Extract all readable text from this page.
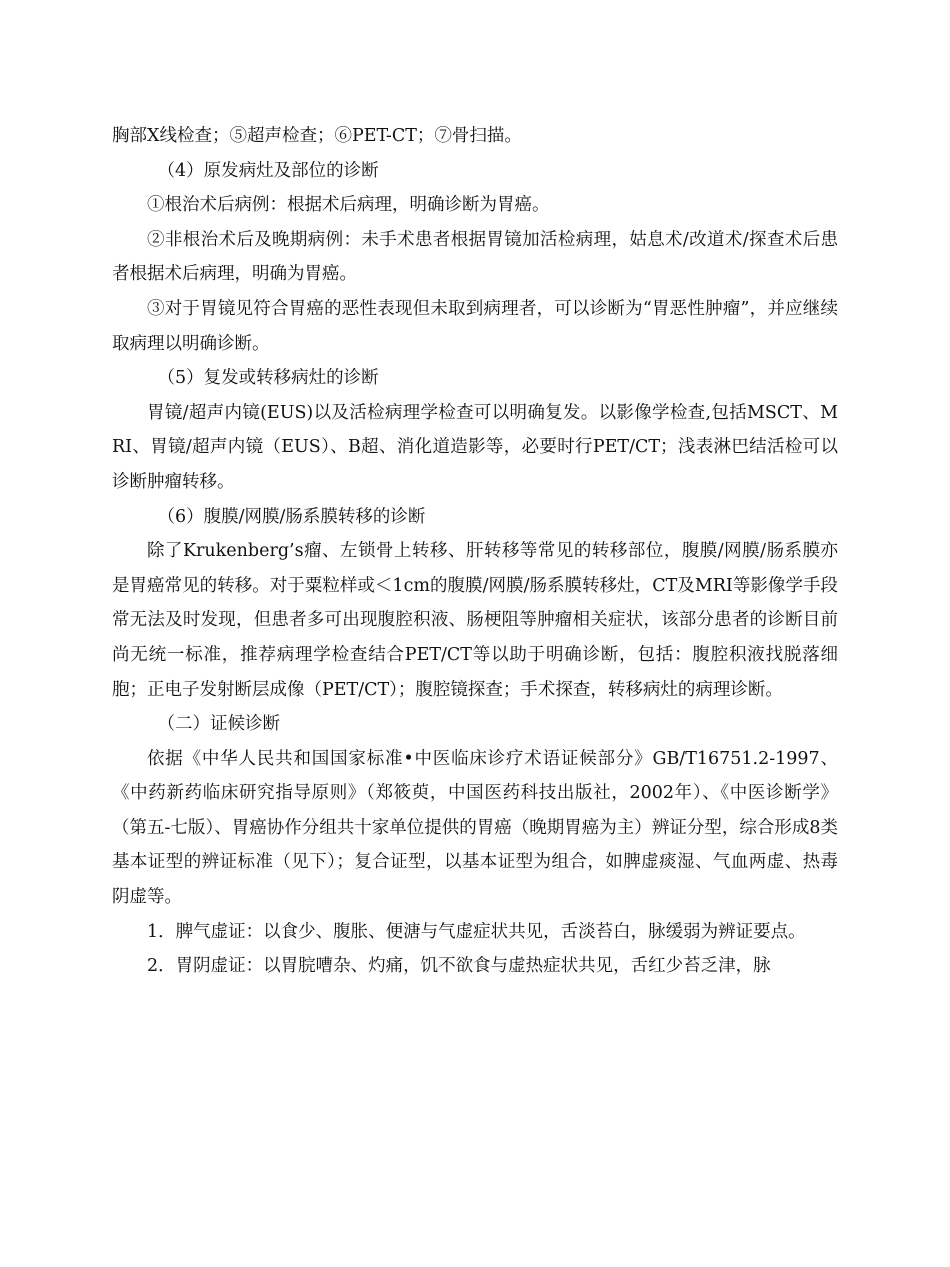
胸部X线检查；⑤超声检查；⑥PET-CT；⑦骨扫描。

（4）原发病灶及部位的诊断

①根治术后病例：根据术后病理，明确诊断为胃癌。

②非根治术后及晚期病例：未手术患者根据胃镜加活检病理，姑息术/改道术/探查术后患者根据术后病理，明确为胃癌。

③对于胃镜见符合胃癌的恶性表现但未取到病理者，可以诊断为“胃恶性肿瘤”，并应继续取病理以明确诊断。

（5）复发或转移病灶的诊断

胃镜/超声内镜(EUS)以及活检病理学检查可以明确复发。以影像学检查,包括MSCT、MRI、胃镜/超声内镜（EUS）、B超、消化道造影等，必要时行PET/CT；浅表淋巴结活检可以诊断肿瘤转移。

（6）腹膜/网膜/肠系膜转移的诊断

除了Krukenberg’s瘤、左锁骨上转移、肝转移等常见的转移部位，腹膜/网膜/肠系膜亦是胃癌常见的转移。对于粟粒样或＜1cm的腹膜/网膜/肠系膜转移灶，CT及MRI等影像学手段常无法及时发现，但患者多可出现腹腔积液、肠梗阻等肿瘤相关症状，该部分患者的诊断目前尚无统一标准，推荐病理学检查结合PET/CT等以助于明确诊断，包括：腹腔积液找脱落细胞；正电子发射断层成像（PET/CT）；腹腔镜探查；手术探查，转移病灶的病理诊断。

（二）证候诊断

依据《中华人民共和国国家标准•中医临床诊疗术语证候部分》GB/T16751.2-1997、《中药新药临床研究指导原则》（郑筱萸，中国医药科技出版社，2002年）、《中医诊断学》（第五-七版）、胃癌协作分组共十家单位提供的胃癌（晚期胃癌为主）辨证分型，综合形成8类基本证型的辨证标准（见下）；复合证型，以基本证型为组合，如脾虚痰湿、气血两虚、热毒阴虚等。

1．脾气虚证：以食少、腹胀、便溏与气虚症状共见，舌淡苔白，脉缓弱为辨证要点。

2．胃阴虚证：以胃脘嘈杂、灼痛，饥不欲食与虚热症状共见，舌红少苔乏津，脉
